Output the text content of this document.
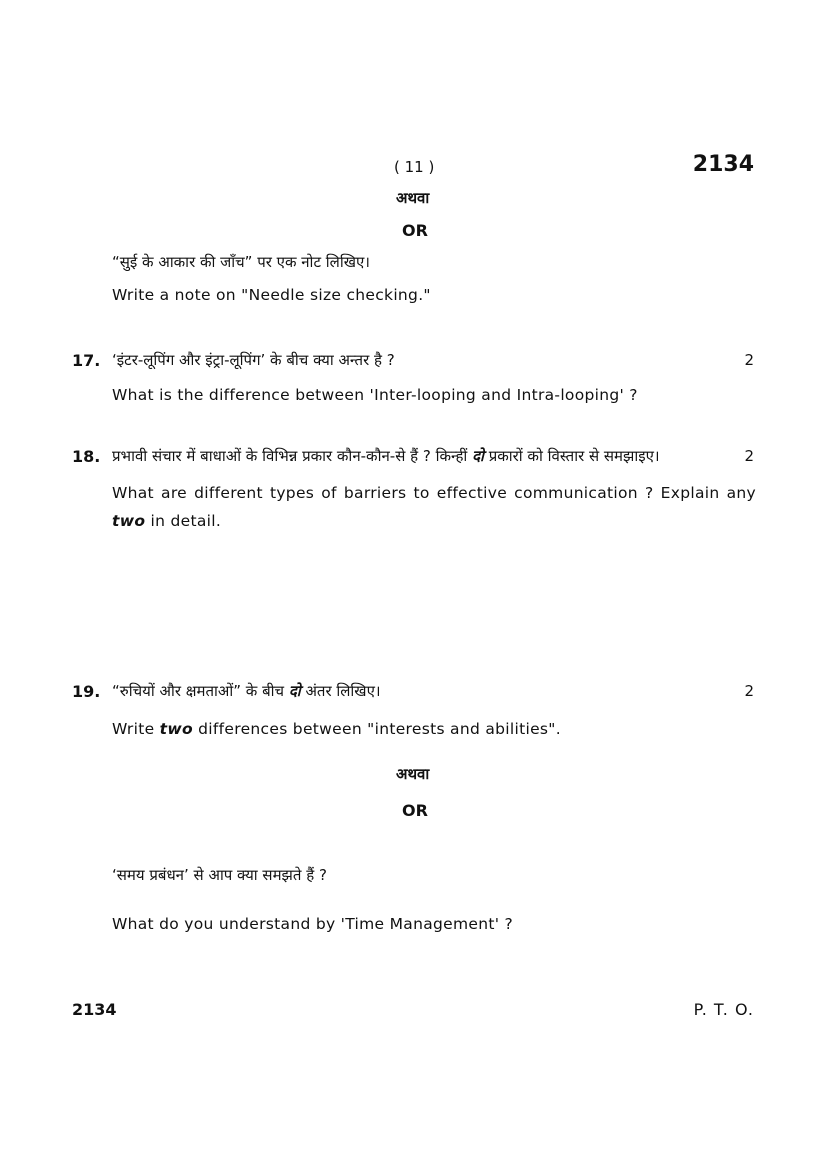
( 11 )	2134
अथवा
OR
“सुई के आकार की जाँच” पर एक नोट लिखिए।
Write a note on "Needle size checking."
17. ‘इंटर-लूपिंग और इंट्रा-लूपिंग’ के बीच क्या अन्तर है ?	2
What is the difference between 'Inter-looping and Intra-looping' ?
18. प्रभावी संचार में बाधाओं के विभिन्न प्रकार कौन-कौन-से हैं ? किन्हीं दो प्रकारों को विस्तार से समझाइए।	2
What are different types of barriers to effective communication ? Explain any two in detail.
19. “रुचियों और क्षमताओं” के बीच दो अंतर लिखिए।	2
Write two differences between "interests and abilities".
अथवा
OR
‘समय प्रबंधन’ से आप क्या समझते हैं ?
What do you understand by 'Time Management' ?
2134	P. T. O.
